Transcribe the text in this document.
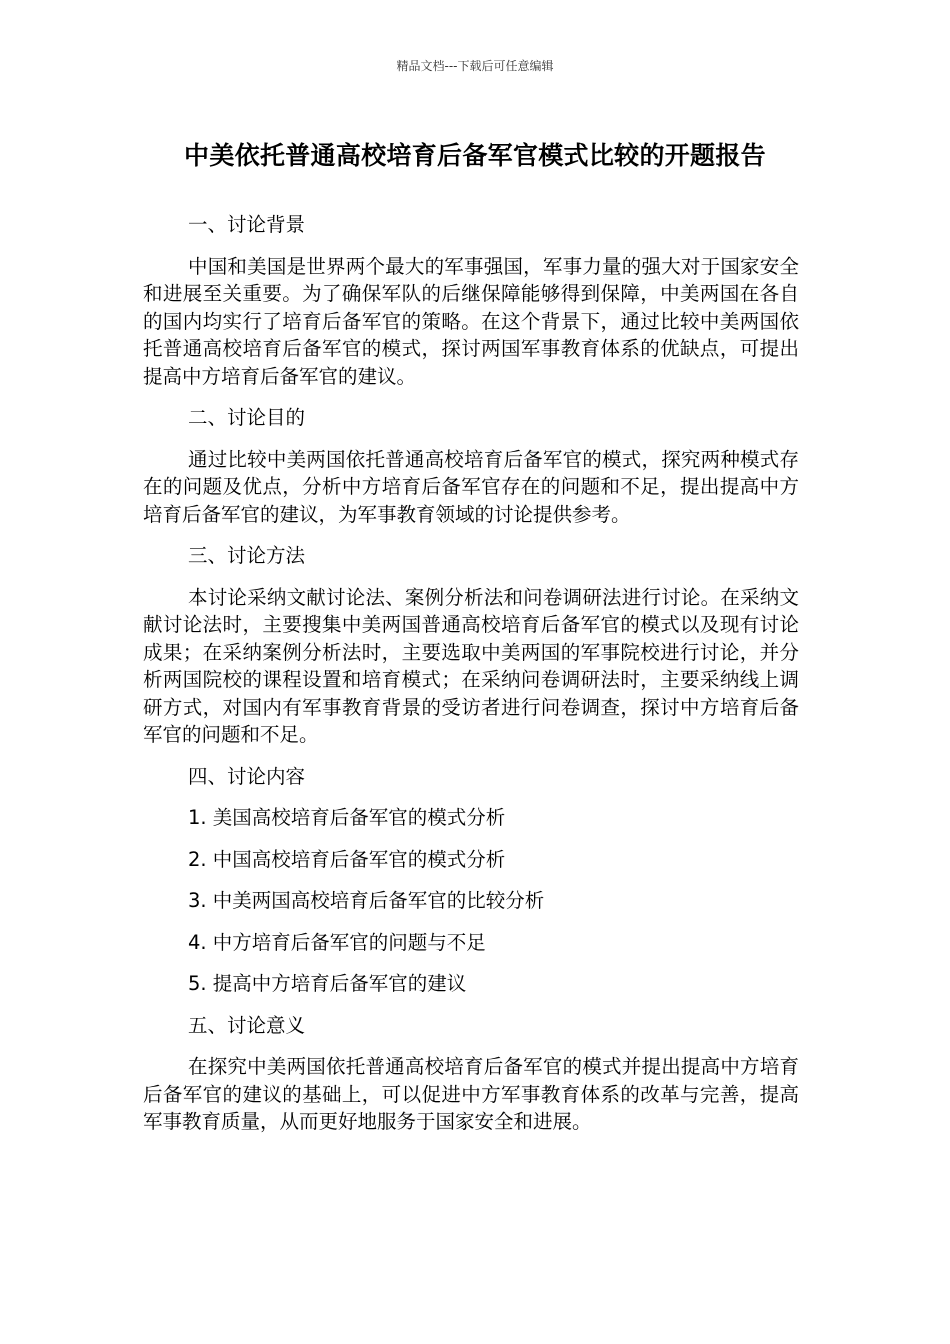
精品文档---下载后可任意编辑
中美依托普通高校培育后备军官模式比较的开题报告
一、讨论背景
中国和美国是世界两个最大的军事强国，军事力量的强大对于国家安全和进展至关重要。为了确保军队的后继保障能够得到保障，中美两国在各自的国内均实行了培育后备军官的策略。在这个背景下，通过比较中美两国依托普通高校培育后备军官的模式，探讨两国军事教育体系的优缺点，可提出提高中方培育后备军官的建议。
二、讨论目的
通过比较中美两国依托普通高校培育后备军官的模式，探究两种模式存在的问题及优点，分析中方培育后备军官存在的问题和不足，提出提高中方培育后备军官的建议，为军事教育领域的讨论提供参考。
三、讨论方法
本讨论采纳文献讨论法、案例分析法和问卷调研法进行讨论。在采纳文献讨论法时，主要搜集中美两国普通高校培育后备军官的模式以及现有讨论成果；在采纳案例分析法时，主要选取中美两国的军事院校进行讨论，并分析两国院校的课程设置和培育模式；在采纳问卷调研法时，主要采纳线上调研方式，对国内有军事教育背景的受访者进行问卷调查，探讨中方培育后备军官的问题和不足。
四、讨论内容
1. 美国高校培育后备军官的模式分析
2. 中国高校培育后备军官的模式分析
3. 中美两国高校培育后备军官的比较分析
4. 中方培育后备军官的问题与不足
5. 提高中方培育后备军官的建议
五、讨论意义
在探究中美两国依托普通高校培育后备军官的模式并提出提高中方培育后备军官的建议的基础上，可以促进中方军事教育体系的改革与完善，提高军事教育质量，从而更好地服务于国家安全和进展。
